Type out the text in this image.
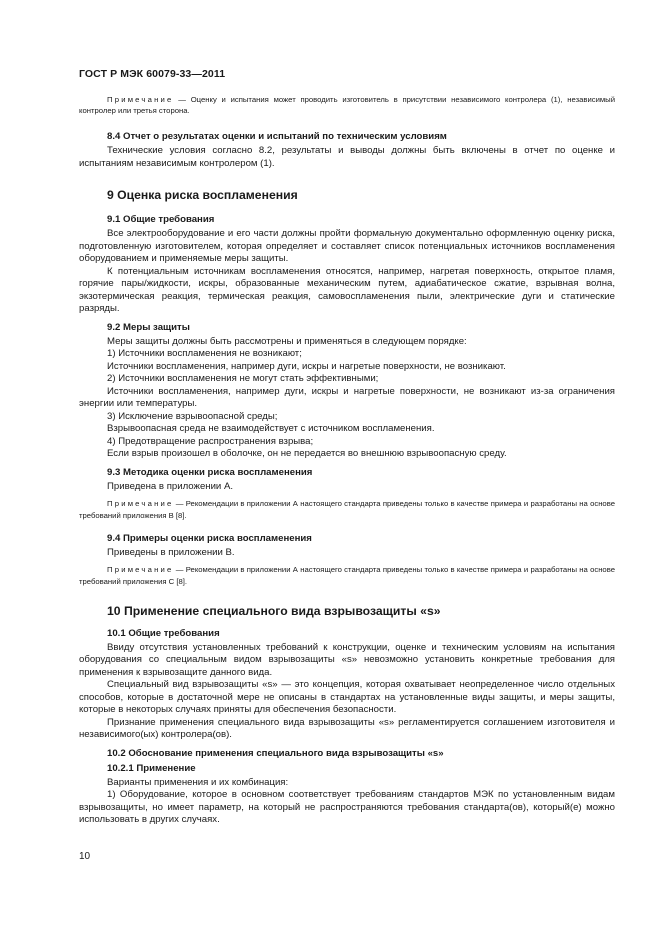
ГОСТ Р МЭК 60079-33—2011

Примечание — Оценку и испытания может проводить изготовитель в присутствии независимого контролера (1), независимый контролер или третья сторона.

8.4 Отчет о результатах оценки и испытаний по техническим условиям

Технические условия согласно 8.2, результаты и выводы должны быть включены в отчет по оценке и испытаниям независимым контролером (1).

9 Оценка риска воспламенения
9.1 Общие требования

Все электрооборудование и его части должны пройти формальную документально оформленную оценку риска, подготовленную изготовителем, которая определяет и составляет список потенциальных источников воспламенения оборудованием и применяемые меры защиты.

К потенциальным источникам воспламенения относятся, например, нагретая поверхность, открытое пламя, горячие пары/жидкости, искры, образованные механическим путем, адиабатическое сжатие, взрывная волна, экзотермическая реакция, термическая реакция, самовоспламенения пыли, электрические дуги и статические разряды.

9.2 Меры защиты

Меры защиты должны быть рассмотрены и применяться в следующем порядке:

1) Источники воспламенения не возникают;

Источники воспламенения, например дуги, искры и нагретые поверхности, не возникают.

2) Источники воспламенения не могут стать эффективными;

Источники воспламенения, например дуги, искры и нагретые поверхности, не возникают из-за ограничения энергии или температуры.

3) Исключение взрывоопасной среды;

Взрывоопасная среда не взаимодействует с источником воспламенения.

4) Предотвращение распространения взрыва;

Если взрыв произошел в оболочке, он не передается во внешнюю взрывоопасную среду.

9.3 Методика оценки риска воспламенения

Приведена в приложении А.

Примечание — Рекомендации в приложении А настоящего стандарта приведены только в качестве примера и разработаны на основе требований приложения В [8].

9.4 Примеры оценки риска воспламенения

Приведены в приложении В.

Примечание — Рекомендации в приложении А настоящего стандарта приведены только в качестве примера и разработаны на основе требований приложения С [8].

10 Применение специального вида взрывозащиты «s»
10.1 Общие требования

Ввиду отсутствия установленных требований к конструкции, оценке и техническим условиям на испытания оборудования со специальным видом взрывозащиты «s» невозможно установить конкретные требования для применения к взрывозащите данного вида.

Специальный вид взрывозащиты «s» — это концепция, которая охватывает неопределенное число отдельных способов, которые в достаточной мере не описаны в стандартах на установленные виды защиты, и меры защиты, которые в некоторых случаях приняты для обеспечения безопасности.

Признание применения специального вида взрывозащиты «s» регламентируется соглашением изготовителя и независимого(ых) контролера(ов).

10.2 Обоснование применения специального вида взрывозащиты «s»
10.2.1 Применение

Варианты применения и их комбинация:

1) Оборудование, которое в основном соответствует требованиям стандартов МЭК по установленным видам взрывозащиты, но имеет параметр, на который не распространяются требования стандарта(ов), который(е) можно использовать в других случаях.

10
